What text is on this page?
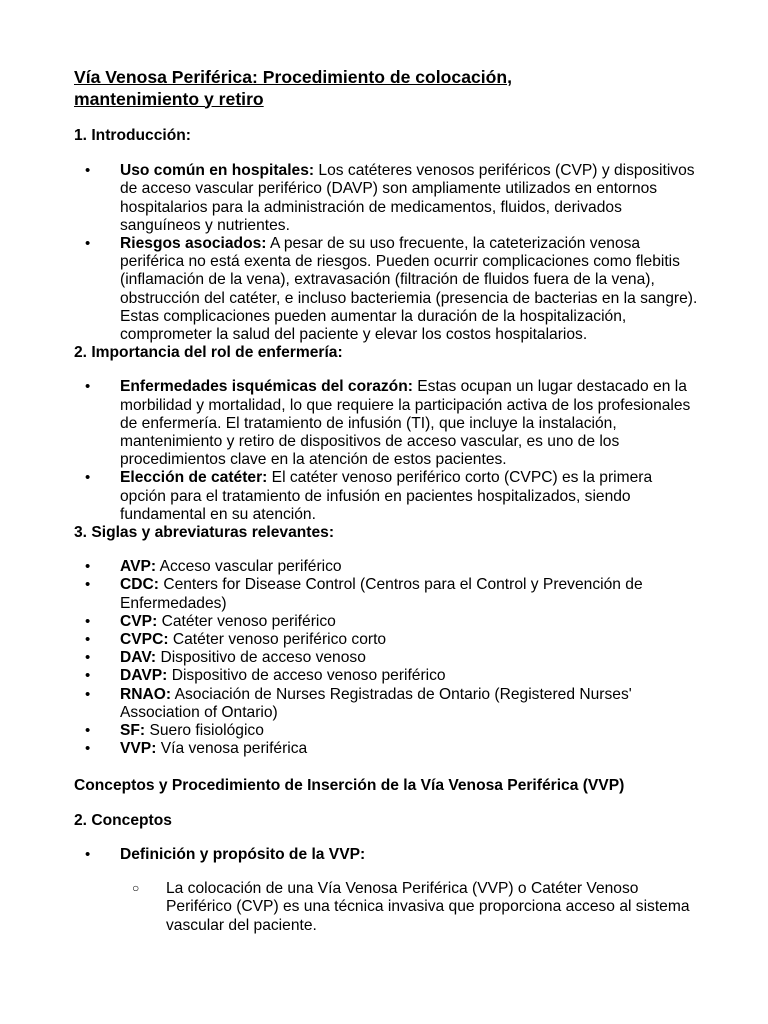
Vía Venosa Periférica: Procedimiento de colocación,
mantenimiento y retiro

1. Introducción:

• Uso común en hospitales: Los catéteres venosos periféricos (CVP) y dispositivos de acceso vascular periférico (DAVP) son ampliamente utilizados en entornos hospitalarios para la administración de medicamentos, fluidos, derivados sanguíneos y nutrientes.
• Riesgos asociados: A pesar de su uso frecuente, la cateterización venosa periférica no está exenta de riesgos. Pueden ocurrir complicaciones como flebitis (inflamación de la vena), extravasación (filtración de fluidos fuera de la vena), obstrucción del catéter, e incluso bacteriemia (presencia de bacterias en la sangre). Estas complicaciones pueden aumentar la duración de la hospitalización, comprometer la salud del paciente y elevar los costos hospitalarios.

2. Importancia del rol de enfermería:

• Enfermedades isquémicas del corazón: Estas ocupan un lugar destacado en la morbilidad y mortalidad, lo que requiere la participación activa de los profesionales de enfermería. El tratamiento de infusión (TI), que incluye la instalación, mantenimiento y retiro de dispositivos de acceso vascular, es uno de los procedimientos clave en la atención de estos pacientes.
• Elección de catéter: El catéter venoso periférico corto (CVPC) es la primera opción para el tratamiento de infusión en pacientes hospitalizados, siendo fundamental en su atención.

3. Siglas y abreviaturas relevantes:

• AVP: Acceso vascular periférico
• CDC: Centers for Disease Control (Centros para el Control y Prevención de Enfermedades)
• CVP: Catéter venoso periférico
• CVPC: Catéter venoso periférico corto
• DAV: Dispositivo de acceso venoso
• DAVP: Dispositivo de acceso venoso periférico
• RNAO: Asociación de Nurses Registradas de Ontario (Registered Nurses' Association of Ontario)
• SF: Suero fisiológico
• VVP: Vía venosa periférica

Conceptos y Procedimiento de Inserción de la Vía Venosa Periférica (VVP)

2. Conceptos

• Definición y propósito de la VVP:
○ La colocación de una Vía Venosa Periférica (VVP) o Catéter Venoso Periférico (CVP) es una técnica invasiva que proporciona acceso al sistema vascular del paciente.
